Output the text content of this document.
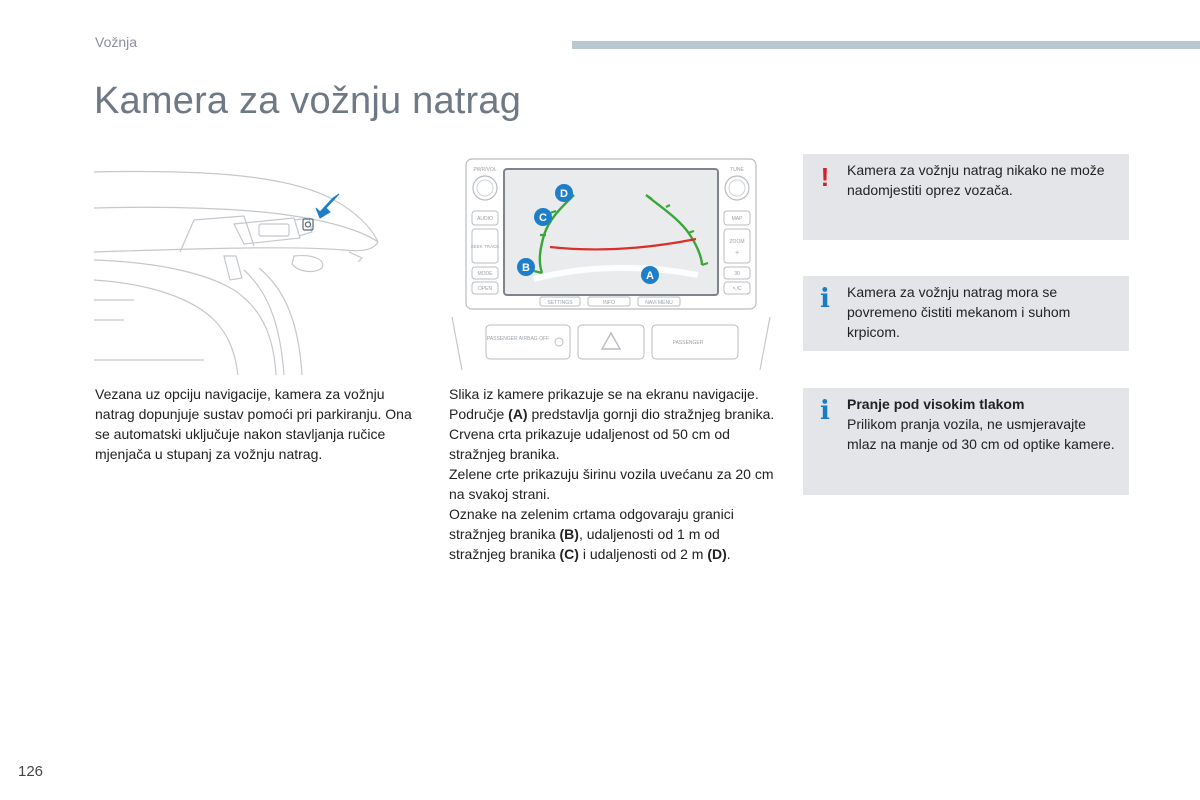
Vožnja
Kamera za vožnju natrag
PWR/VOL
AUDIO
SEEK TRACK
MODE
OPEN
TUNE
MAP
ZOOM
+
30
↖/C
D
C
B
A
SETTINGS	INFO	NAVI MENU
PASSENGER AIRBAG OFF
PASSENGER

Vezana uz opciju navigacije, kamera za vožnju natrag dopunjuje sustav pomoći pri parkiranju. Ona se automatski uključuje nakon stavljanja ručice mjenjača u stupanj za vožnju natrag.

Slika iz kamere prikazuje se na ekranu navigacije.
Područje (A) predstavlja gornji dio stražnjeg branika.
Crvena crta prikazuje udaljenost od 50 cm od stražnjeg branika.
Zelene crte prikazuju širinu vozila uvećanu za 20 cm na svakoj strani.
Oznake na zelenim crtama odgovaraju granici stražnjeg branika (B), udaljenosti od 1 m od stražnjeg branika (C) i udaljenosti od 2 m (D).
! Kamera za vožnju natrag nikako ne može nadomjestiti oprez vozača.

i Kamera za vožnju natrag mora se povremeno čistiti mekanom i suhom krpicom.

i Pranje pod visokim tlakom
Prilikom pranja vozila, ne usmjeravajte mlaz na manje od 30 cm od optike kamere.
126
